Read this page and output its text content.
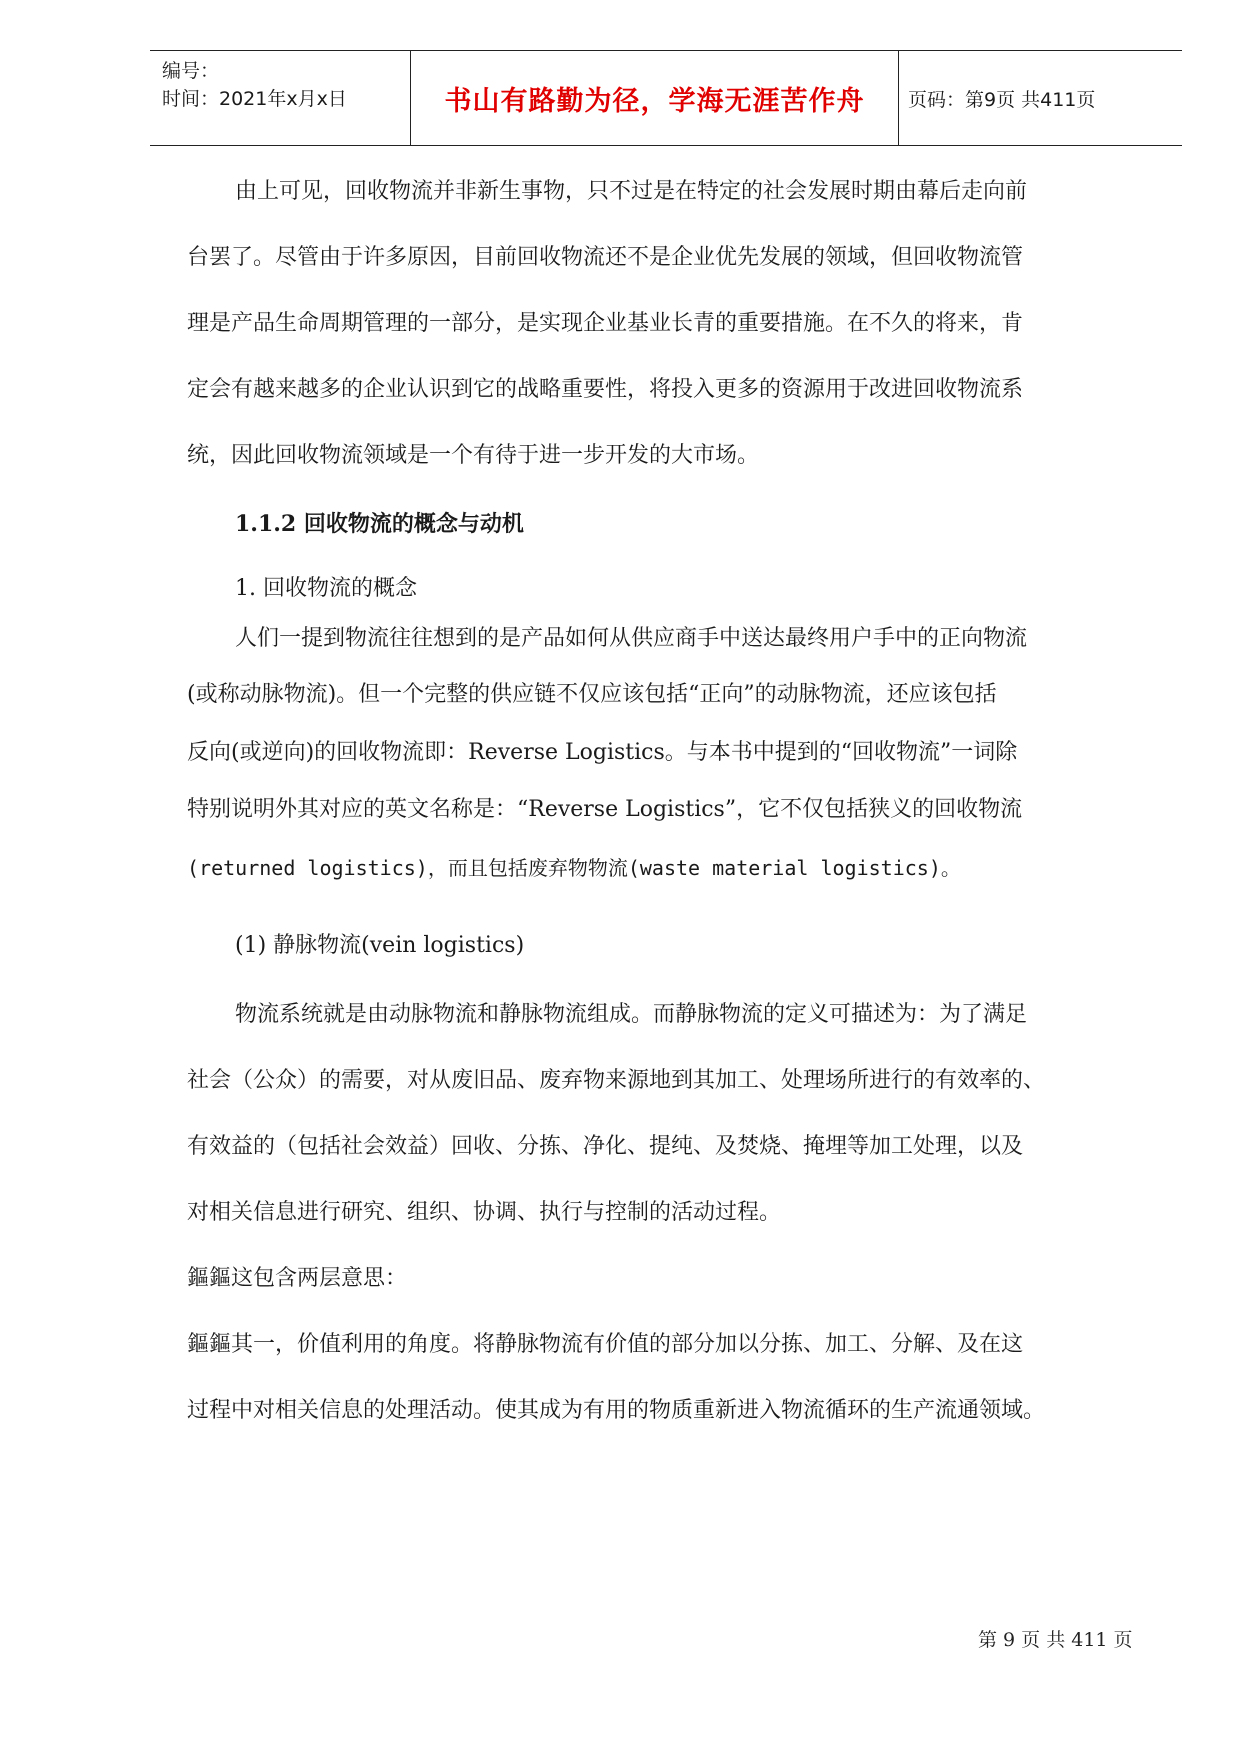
编号：
时间：2021年x月x日	书山有路勤为径，学海无涯苦作舟	页码：第9页 共411页
由上可见，回收物流并非新生事物，只不过是在特定的社会发展时期由幕后走向前
台罢了。尽管由于许多原因，目前回收物流还不是企业优先发展的领域，但回收物流管
理是产品生命周期管理的一部分，是实现企业基业长青的重要措施。在不久的将来，肯
定会有越来越多的企业认识到它的战略重要性，将投入更多的资源用于改进回收物流系
统，因此回收物流领域是一个有待于进一步开发的大市场。
1.1.2 回收物流的概念与动机
1. 回收物流的概念
人们一提到物流往往想到的是产品如何从供应商手中送达最终用户手中的正向物流
(或称动脉物流)。但一个完整的供应链不仅应该包括“正向”的动脉物流，还应该包括
反向(或逆向)的回收物流即：Reverse Logistics。与本书中提到的“回收物流”一词除
特别说明外其对应的英文名称是：“Reverse Logistics”，它不仅包括狭义的回收物流
(returned logistics)，而且包括废弃物物流(waste material logistics)。
(1) 静脉物流(vein logistics)
物流系统就是由动脉物流和静脉物流组成。而静脉物流的定义可描述为：为了满足
社会（公众）的需要，对从废旧品、废弃物来源地到其加工、处理场所进行的有效率的、
有效益的（包括社会效益）回收、分拣、净化、提纯、及焚烧、掩埋等加工处理，以及
对相关信息进行研究、组织、协调、执行与控制的活动过程。
鏂鏂这包含两层意思：
鏂鏂其一，价值利用的角度。将静脉物流有价值的部分加以分拣、加工、分解、及在这
过程中对相关信息的处理活动。使其成为有用的物质重新进入物流循环的生产流通领域。
第 9 页 共 411 页
